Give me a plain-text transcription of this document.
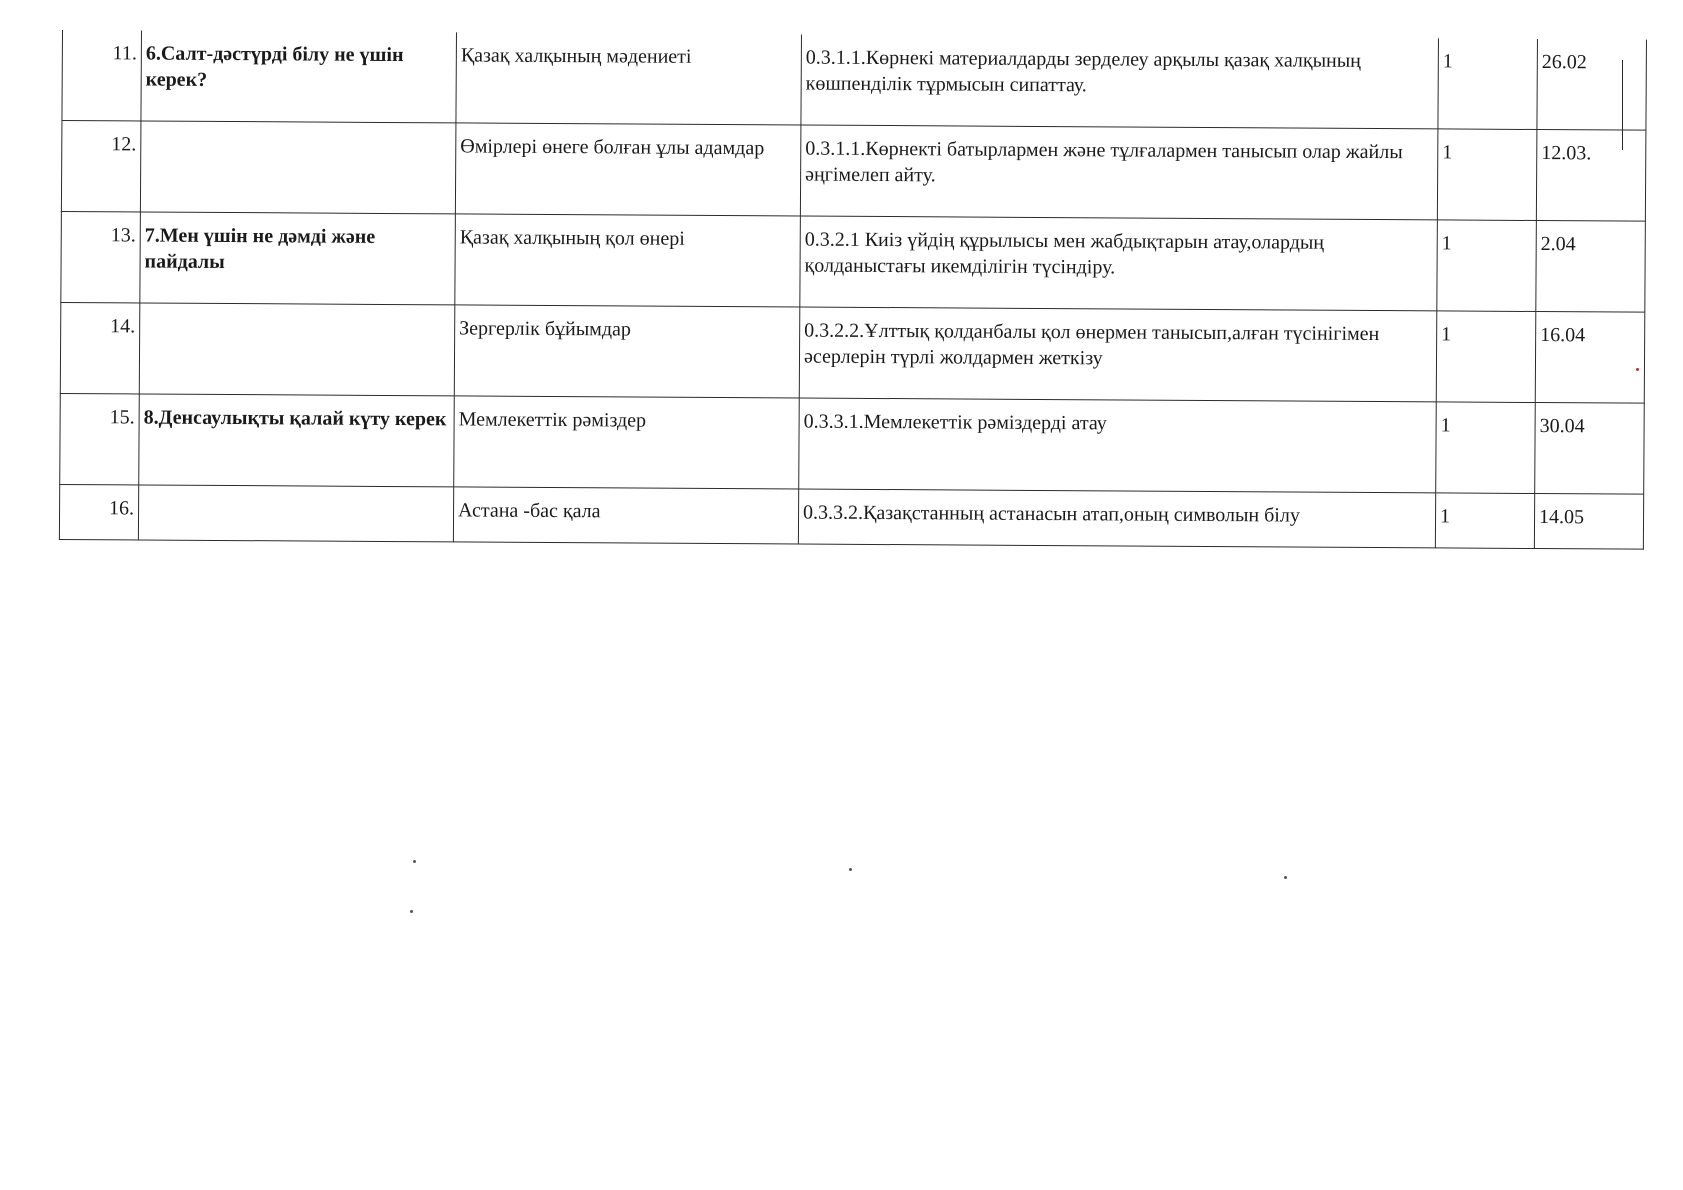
11.	6.Салт-дәстүрді білу не үшін керек?	Қазақ халқының мәдениеті	0.3.1.1.Көрнекі материалдарды зерделеу арқылы қазақ халқының көшпенділік тұрмысын сипаттау.	1	26.02
12.		Өмірлері өнеге болған ұлы адамдар	0.3.1.1.Көрнекті батырлармен және тұлғалармен танысып олар жайлы әңгімелеп айту.	1	12.03.
13.	7.Мен үшін не дәмді және пайдалы	Қазақ халқының қол өнері	0.3.2.1 Киіз үйдің құрылысы мен жабдықтарын атау,олардың қолданыстағы икемділігін түсіндіру.	1	2.04
14.		Зергерлік бұйымдар	0.3.2.2.Ұлттық қолданбалы қол өнермен танысып,алған түсінігімен әсерлерін түрлі жолдармен жеткізу	1	16.04
15.	8.Денсаулықты қалай күту керек	Мемлекеттік рәміздер	0.3.3.1.Мемлекеттік рәміздерді атау	1	30.04
16.		Астана -бас қала	0.3.3.2.Қазақстанның астанасын атап,оның символын білу	1	14.05
